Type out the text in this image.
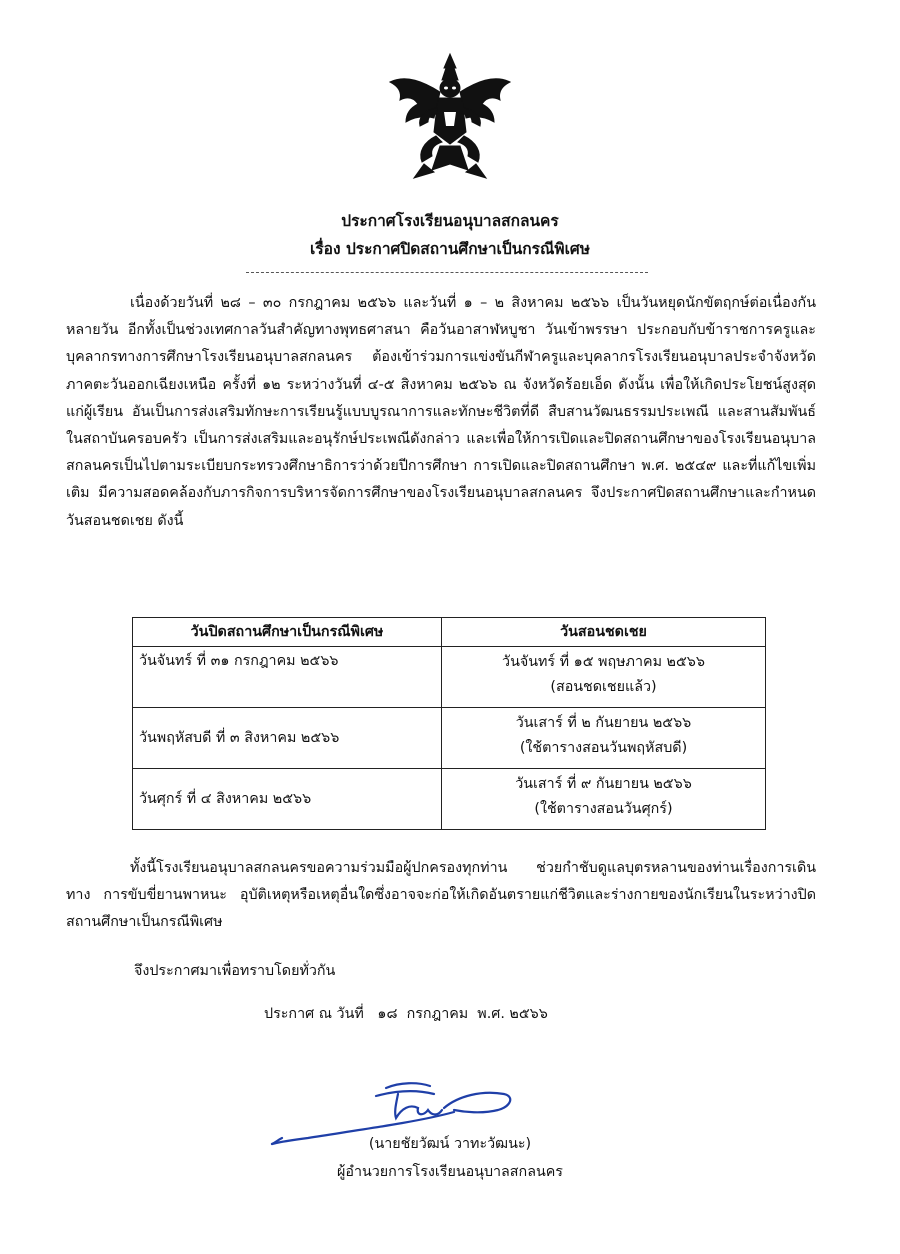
ประกาศโรงเรียนอนุบาลสกลนคร
เรื่อง ประกาศปิดสถานศึกษาเป็นกรณีพิเศษ

เนื่องด้วยวันที่ ๒๘ – ๓๐ กรกฎาคม ๒๕๖๖ และวันที่ ๑ – ๒ สิงหาคม ๒๕๖๖ เป็นวันหยุดนักขัตฤกษ์ต่อเนื่องกันหลายวัน อีกทั้งเป็นช่วงเทศกาลวันสำคัญทางพุทธศาสนา คือวันอาสาฬหบูชา วันเข้าพรรษา ประกอบกับข้าราชการครูและบุคลากรทางการศึกษาโรงเรียนอนุบาลสกลนคร ต้องเข้าร่วมการแข่งขันกีฬาครูและบุคลากรโรงเรียนอนุบาลประจำจังหวัดภาคตะวันออกเฉียงเหนือ ครั้งที่ ๑๒ ระหว่างวันที่ ๔-๕ สิงหาคม ๒๕๖๖ ณ จังหวัดร้อยเอ็ด ดังนั้น เพื่อให้เกิดประโยชน์สูงสุดแก่ผู้เรียน อันเป็นการส่งเสริมทักษะการเรียนรู้แบบบูรณาการและทักษะชีวิตที่ดี สืบสานวัฒนธรรมประเพณี และสานสัมพันธ์ในสถาบันครอบครัว เป็นการส่งเสริมและอนุรักษ์ประเพณีดังกล่าว และเพื่อให้การเปิดและปิดสถานศึกษาของโรงเรียนอนุบาลสกลนครเป็นไปตามระเบียบกระทรวงศึกษาธิการว่าด้วยปีการศึกษา การเปิดและปิดสถานศึกษา พ.ศ. ๒๕๔๙ และที่แก้ไขเพิ่มเติม มีความสอดคล้องกับภารกิจการบริหารจัดการศึกษาของโรงเรียนอนุบาลสกลนคร จึงประกาศปิดสถานศึกษาและกำหนดวันสอนชดเชย ดังนี้

วันปิดสถานศึกษาเป็นกรณีพิเศษ	วันสอนชดเชย
วันจันทร์ ที่ ๓๑ กรกฎาคม ๒๕๖๖	วันจันทร์ ที่ ๑๕ พฤษภาคม ๒๕๖๖
(สอนชดเชยแล้ว)

วันพฤหัสบดี ที่ ๓ สิงหาคม ๒๕๖๖	วันเสาร์ ที่ ๒ กันยายน ๒๕๖๖
(ใช้ตารางสอนวันพฤหัสบดี)

วันศุกร์ ที่ ๔ สิงหาคม ๒๕๖๖	วันเสาร์ ที่ ๙ กันยายน ๒๕๖๖
(ใช้ตารางสอนวันศุกร์)

ทั้งนี้โรงเรียนอนุบาลสกลนครขอความร่วมมือผู้ปกครองทุกท่าน ช่วยกำชับดูแลบุตรหลานของท่านเรื่องการเดินทาง การขับขี่ยานพาหนะ อุบัติเหตุหรือเหตุอื่นใดซึ่งอาจจะก่อให้เกิดอันตรายแก่ชีวิตและร่างกายของนักเรียนในระหว่างปิดสถานศึกษาเป็นกรณีพิเศษ

จึงประกาศมาเพื่อทราบโดยทั่วกัน
ประกาศ ณ วันที่   ๑๘  กรกฎาคม  พ.ศ. ๒๕๖๖
(นายชัยวัฒน์ วาทะวัฒนะ)
ผู้อำนวยการโรงเรียนอนุบาลสกลนคร
